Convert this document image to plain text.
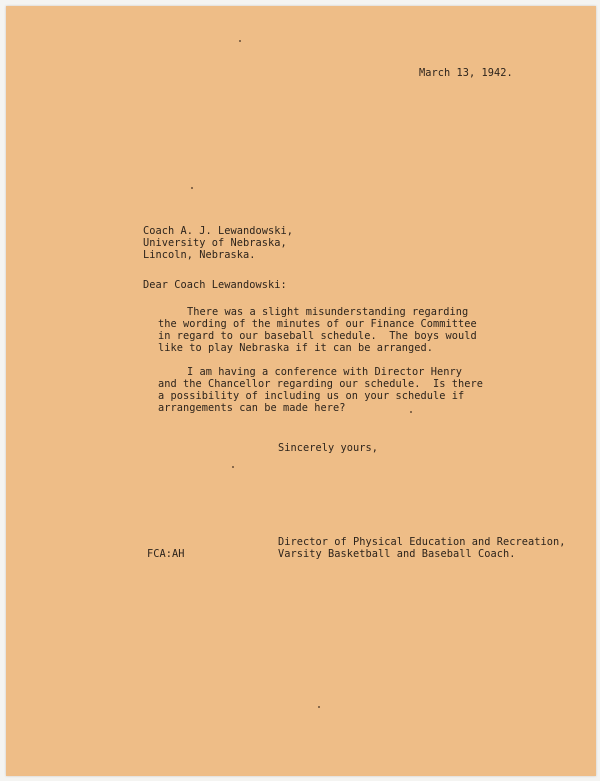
March 13, 1942.

Coach A. J. Lewandowski,

University of Nebraska,

Lincoln, Nebraska.

Dear Coach Lewandowski:

There was a slight misunderstanding regarding

the wording of the minutes of our Finance Committee

in regard to our baseball schedule.  The boys would

like to play Nebraska if it can be arranged.

I am having a conference with Director Henry

and the Chancellor regarding our schedule.  Is there

a possibility of including us on your schedule if

arrangements can be made here?

Sincerely yours,

Director of Physical Education and Recreation,

Varsity Basketball and Baseball Coach.

FCA:AH
